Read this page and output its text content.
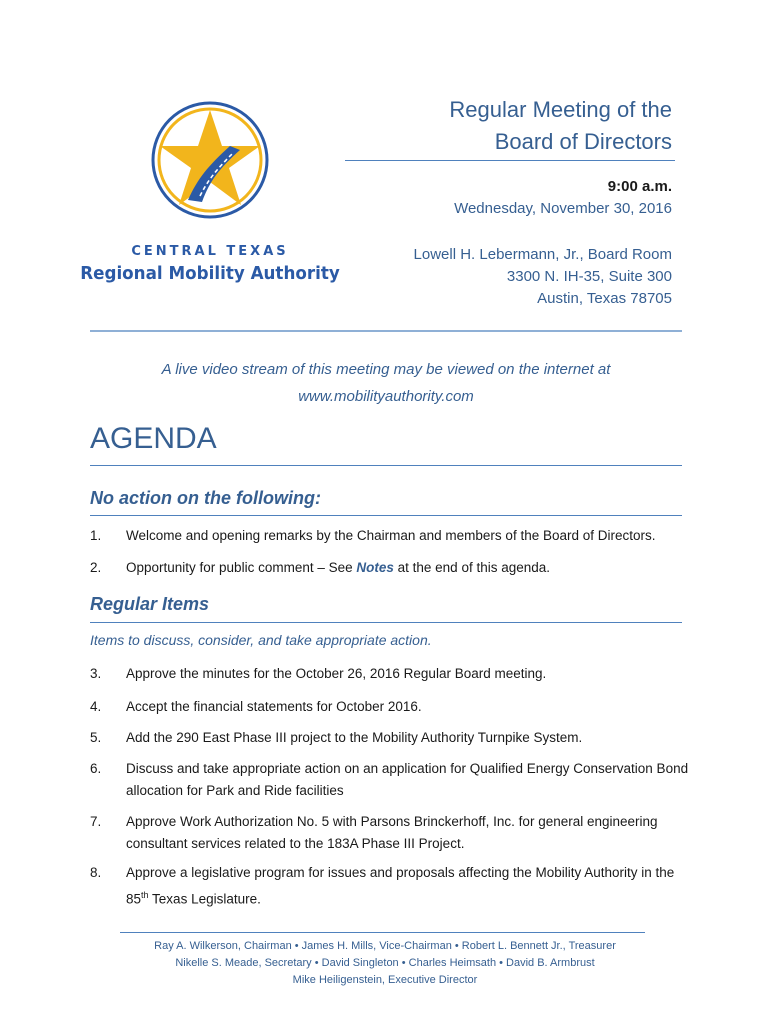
CENTRAL TEXAS
Regional Mobility Authority
Regular Meeting of the
Board of Directors
9:00 a.m.
Wednesday, November 30, 2016
Lowell H. Lebermann, Jr., Board Room
3300 N. IH-35, Suite 300
Austin, Texas 78705
A live video stream of this meeting may be viewed on the internet at
www.mobilityauthority.com
AGENDA
No action on the following:
1. Welcome and opening remarks by the Chairman and members of the Board of Directors.
2. Opportunity for public comment – See Notes at the end of this agenda.
Regular Items
Items to discuss, consider, and take appropriate action.
3. Approve the minutes for the October 26, 2016 Regular Board meeting.
4. Accept the financial statements for October 2016.
5. Add the 290 East Phase III project to the Mobility Authority Turnpike System.
6. Discuss and take appropriate action on an application for Qualified Energy Conservation Bond allocation for Park and Ride facilities
7. Approve Work Authorization No. 5 with Parsons Brinckerhoff, Inc. for general engineering consultant services related to the 183A Phase III Project.
8. Approve a legislative program for issues and proposals affecting the Mobility Authority in the 85th Texas Legislature.
Ray A. Wilkerson, Chairman • James H. Mills, Vice-Chairman • Robert L. Bennett Jr., Treasurer
Nikelle S. Meade, Secretary • David Singleton • Charles Heimsath • David B. Armbrust
Mike Heiligenstein, Executive Director
